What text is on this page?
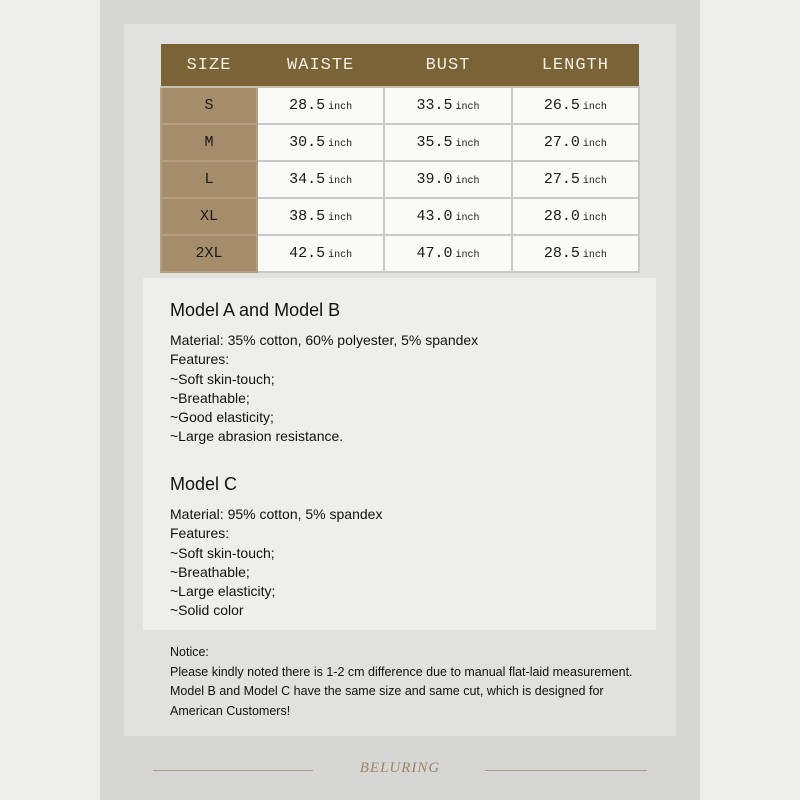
SIZE	WAISTE	BUST	LENGTH
S	28.5 inch	33.5 inch	26.5 inch
M	30.5 inch	35.5 inch	27.0 inch
L	34.5 inch	39.0 inch	27.5 inch
XL	38.5 inch	43.0 inch	28.0 inch
2XL	42.5 inch	47.0 inch	28.5 inch
Model A and Model B
Material: 35% cotton, 60% polyester, 5% spandex
Features:
~Soft skin-touch;
~Breathable;
~Good elasticity;
~Large abrasion resistance.
Model C
Material: 95% cotton, 5% spandex
Features:
~Soft skin-touch;
~Breathable;
~Large elasticity;
~Solid color
Notice:
Please kindly noted there is 1-2 cm difference due to manual flat-laid measurement.
Model B and Model C have the same size and same cut, which is designed for
American Customers!
BELURING
